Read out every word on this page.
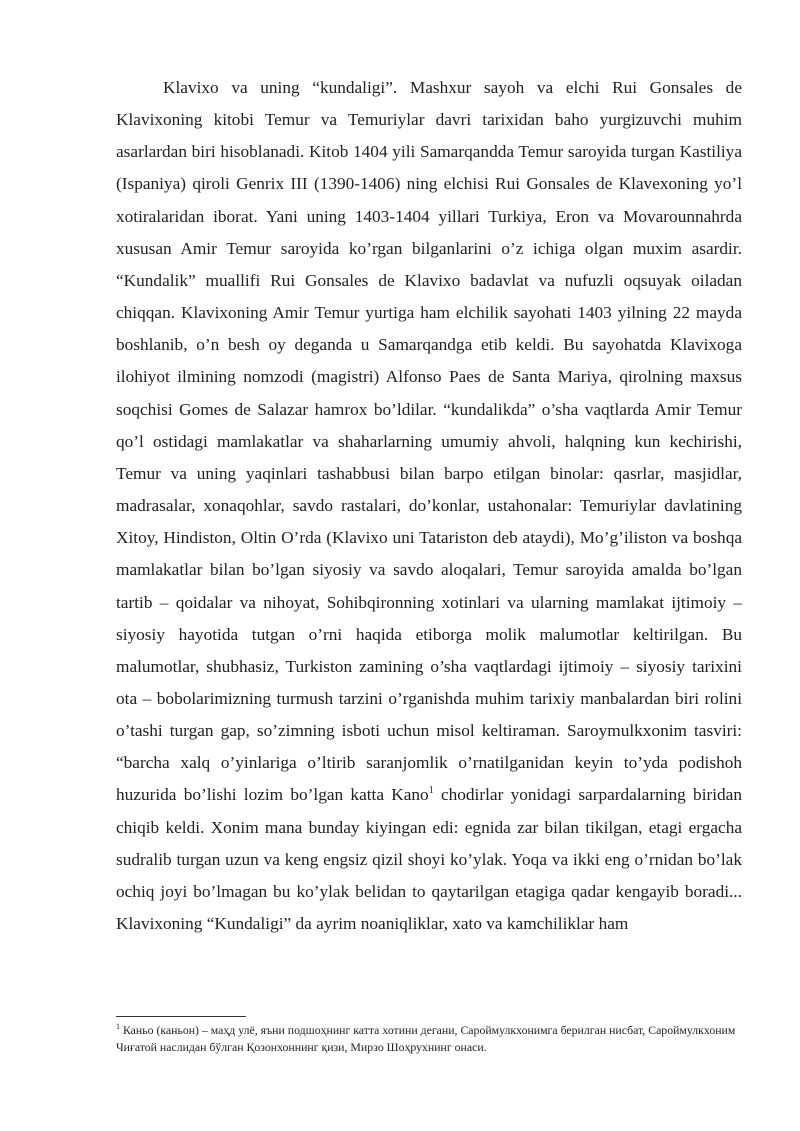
Klavixo va uning “kundaligi”. Mashxur sayoh va elchi Rui Gonsales de Klavixoning kitobi Temur va Temuriylar davri tarixidan baho yurgizuvchi muhim asarlardan biri hisoblanadi. Kitob 1404 yili Samarqandda Temur saroyida turgan Kastiliya (Ispaniya) qiroli Genrix III (1390-1406) ning elchisi Rui Gonsales de Klavexoning yo’l xotiralaridan iborat. Yani uning 1403-1404 yillari Turkiya, Eron va Movarounnahrda xususan Amir Temur saroyida ko’rgan bilganlarini o’z ichiga olgan muxim asardir. “Kundalik” muallifi Rui Gonsales de Klavixo badavlat va nufuzli oqsuyak oiladan chiqqan. Klavixoning Amir Temur yurtiga ham elchilik sayohati 1403 yilning 22 mayda boshlanib, o’n besh oy deganda u Samarqandga etib keldi. Bu sayohatda Klavixoga ilohiyot ilmining nomzodi (magistri) Alfonso Paes de Santa Mariya, qirolning maxsus soqchisi Gomes de Salazar hamrox bo’ldilar. “kundalikda” o’sha vaqtlarda Amir Temur qo’l ostidagi mamlakatlar va shaharlarning umumiy ahvoli, halqning kun kechirishi, Temur va uning yaqinlari tashabbusi bilan barpo etilgan binolar: qasrlar, masjidlar, madrasalar, xonaqohlar, savdo rastalari, do’konlar, ustahonalar: Temuriylar davlatining Xitoy, Hindiston, Oltin O’rda (Klavixo uni Tatariston deb ataydi), Mo’g’iliston va boshqa mamlakatlar bilan bo’lgan siyosiy va savdo aloqalari, Temur saroyida amalda bo’lgan tartib – qoidalar va nihoyat, Sohibqironning xotinlari va ularning mamlakat ijtimoiy – siyosiy hayotida tutgan o’rni haqida etiborga molik malumotlar keltirilgan. Bu malumotlar, shubhasiz, Turkiston zamining o’sha vaqtlardagi ijtimoiy – siyosiy tarixini ota – bobolarimizning turmush tarzini o’rganishda muhim tarixiy manbalardan biri rolini o’tashi turgan gap, so’zimning isboti uchun misol keltiraman. Saroymulkxonim tasviri: “barcha xalq o’yinlariga o’ltirib saranjomlik o’rnatilganidan keyin to’yda podishoh huzurida bo’lishi lozim bo’lgan katta Kano$^1$ chodirlar yonidagi sarpardalarning biridan chiqib keldi. Xonim mana bunday kiyingan edi: egnida zar bilan tikilgan, etagi ergacha sudralib turgan uzun va keng engsiz qizil shoyi ko’ylak. Yoqa va ikki eng o’rnidan bo’lak ochiq joyi bo’lmagan bu ko’ylak belidan to qaytarilgan etagiga qadar kengayib boradi... Klavixoning “Kundaligi” da ayrim noaniqliklar, xato va kamchiliklar ham

$^1$ Каньо (каньон) – маҳд улё, яъни подшоҳнинг катта хотини дегани, Сароймулкхонимга берилган нисбат, Сароймулкхоним Чиғатой наслидан бўлган Қозонхоннинг қизи, Мирзо Шоҳрухнинг онаси.
